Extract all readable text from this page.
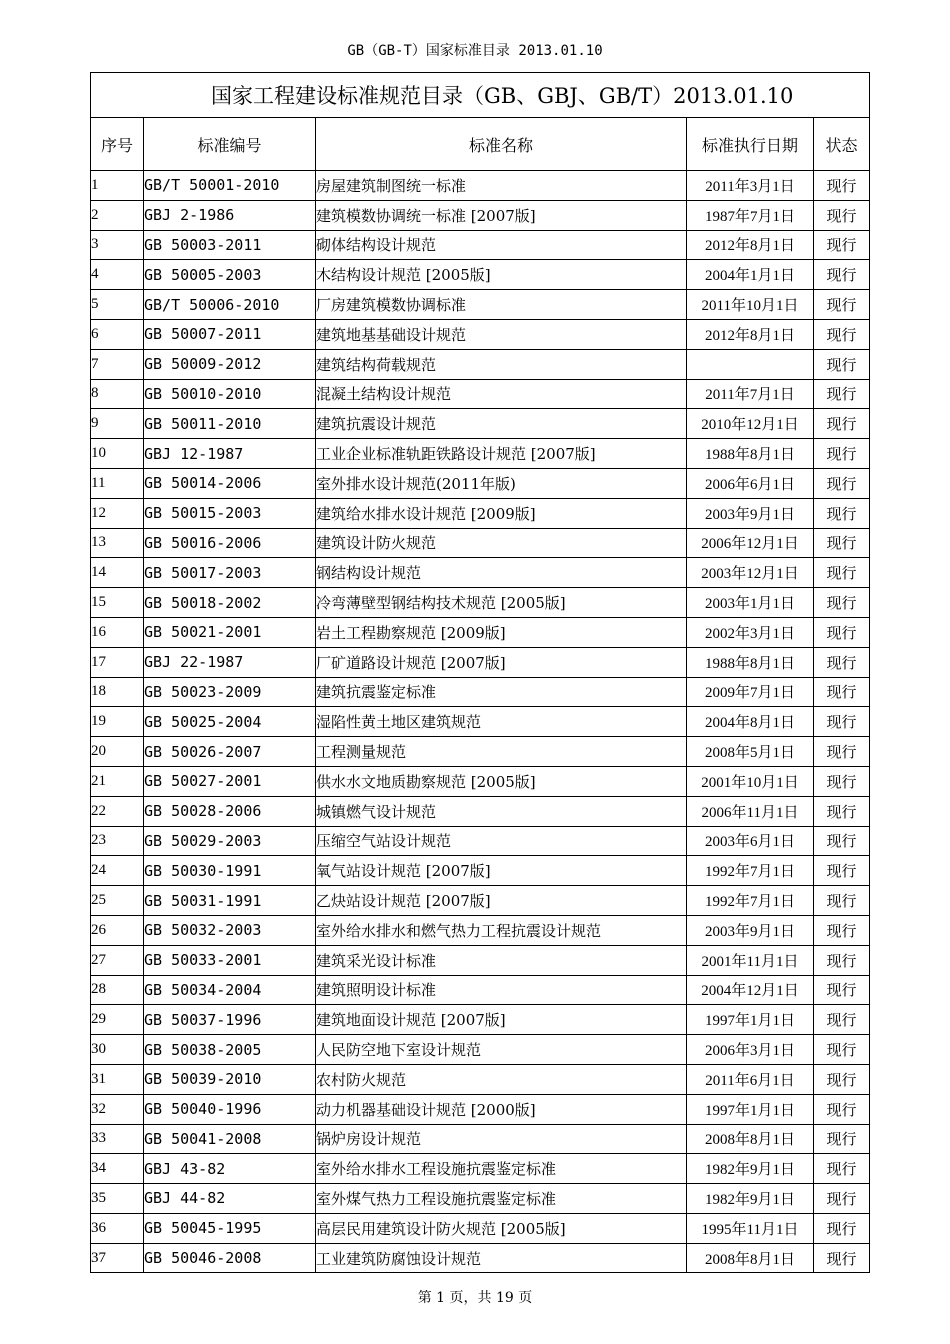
GB（GB-T）国家标准目录 2013.01.10
国家工程建设标准规范目录（GB、GBJ、GB/T）2013.01.10				
序号	标准编号	标准名称	标准执行日期	状态
1	GB/T 50001-2010	房屋建筑制图统一标准	2011年3月1日	现行
2	GBJ 2-1986	建筑模数协调统一标准 [2007版]	1987年7月1日	现行
3	GB 50003-2011	砌体结构设计规范	2012年8月1日	现行
4	GB 50005-2003	木结构设计规范 [2005版]	2004年1月1日	现行
5	GB/T 50006-2010	厂房建筑模数协调标准	2011年10月1日	现行
6	GB 50007-2011	建筑地基基础设计规范	2012年8月1日	现行
7	GB 50009-2012	建筑结构荷载规范		现行
8	GB 50010-2010	混凝土结构设计规范	2011年7月1日	现行
9	GB 50011-2010	建筑抗震设计规范	2010年12月1日	现行
10	GBJ 12-1987	工业企业标准轨距铁路设计规范 [2007版]	1988年8月1日	现行
11	GB 50014-2006	室外排水设计规范(2011年版)	2006年6月1日	现行
12	GB 50015-2003	建筑给水排水设计规范 [2009版]	2003年9月1日	现行
13	GB 50016-2006	建筑设计防火规范	2006年12月1日	现行
14	GB 50017-2003	钢结构设计规范	2003年12月1日	现行
15	GB 50018-2002	冷弯薄壁型钢结构技术规范 [2005版]	2003年1月1日	现行
16	GB 50021-2001	岩土工程勘察规范 [2009版]	2002年3月1日	现行
17	GBJ 22-1987	厂矿道路设计规范 [2007版]	1988年8月1日	现行
18	GB 50023-2009	建筑抗震鉴定标准	2009年7月1日	现行
19	GB 50025-2004	湿陷性黄土地区建筑规范	2004年8月1日	现行
20	GB 50026-2007	工程测量规范	2008年5月1日	现行
21	GB 50027-2001	供水水文地质勘察规范 [2005版]	2001年10月1日	现行
22	GB 50028-2006	城镇燃气设计规范	2006年11月1日	现行
23	GB 50029-2003	压缩空气站设计规范	2003年6月1日	现行
24	GB 50030-1991	氧气站设计规范 [2007版]	1992年7月1日	现行
25	GB 50031-1991	乙炔站设计规范 [2007版]	1992年7月1日	现行
26	GB 50032-2003	室外给水排水和燃气热力工程抗震设计规范	2003年9月1日	现行
27	GB 50033-2001	建筑采光设计标准	2001年11月1日	现行
28	GB 50034-2004	建筑照明设计标准	2004年12月1日	现行
29	GB 50037-1996	建筑地面设计规范 [2007版]	1997年1月1日	现行
30	GB 50038-2005	人民防空地下室设计规范	2006年3月1日	现行
31	GB 50039-2010	农村防火规范	2011年6月1日	现行
32	GB 50040-1996	动力机器基础设计规范 [2000版]	1997年1月1日	现行
33	GB 50041-2008	锅炉房设计规范	2008年8月1日	现行
34	GBJ 43-82	室外给水排水工程设施抗震鉴定标准	1982年9月1日	现行
35	GBJ 44-82	室外煤气热力工程设施抗震鉴定标准	1982年9月1日	现行
36	GB 50045-1995	高层民用建筑设计防火规范 [2005版]	1995年11月1日	现行
37	GB 50046-2008	工业建筑防腐蚀设计规范	2008年8月1日	现行
第 1 页，共 19 页
